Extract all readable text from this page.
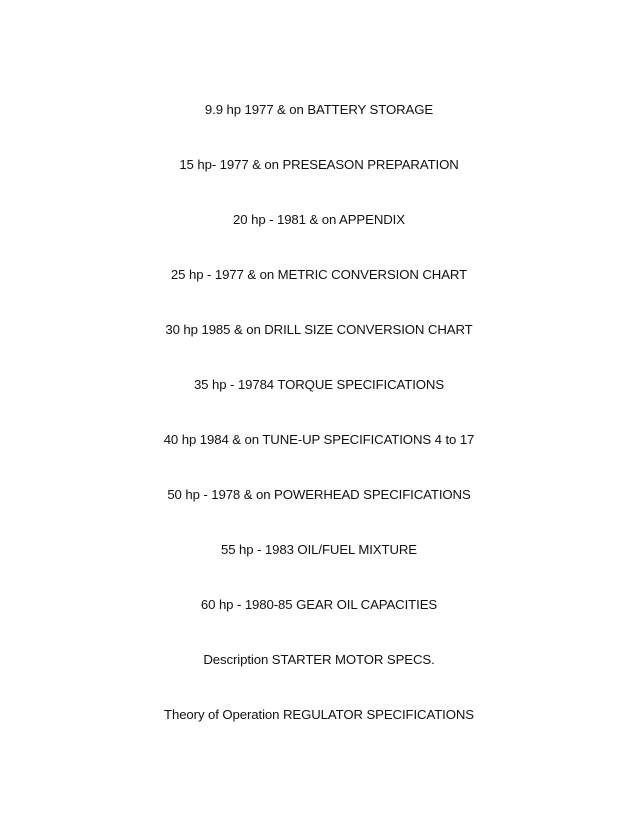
9.9 hp 1977 & on BATTERY STORAGE
15 hp- 1977 & on PRESEASON PREPARATION
20 hp - 1981 & on APPENDIX
25 hp - 1977 & on METRIC CONVERSION CHART
30 hp 1985 & on DRILL SIZE CONVERSION CHART
35 hp - 19784 TORQUE SPECIFICATIONS
40 hp 1984 & on TUNE-UP SPECIFICATIONS 4 to 17
50 hp - 1978 & on POWERHEAD SPECIFICATIONS
55 hp - 1983 OIL/FUEL MIXTURE
60 hp - 1980-85 GEAR OIL CAPACITIES
Description STARTER MOTOR SPECS.
Theory of Operation REGULATOR SPECIFICATIONS
